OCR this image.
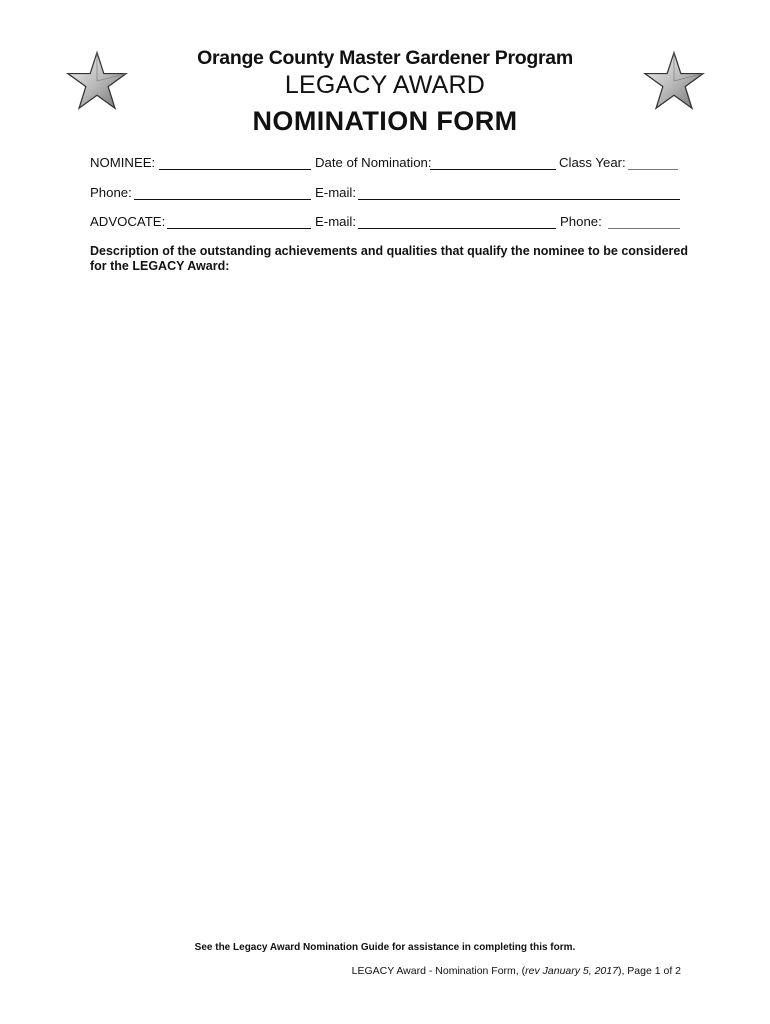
Orange County Master Gardener Program
LEGACY AWARD
NOMINATION FORM
NOMINEE:	Date of Nomination:	Class Year:
Phone:	E-mail:
ADVOCATE:	E-mail:	Phone:
Description of the outstanding achievements and qualities that qualify the nominee to be considered for the LEGACY Award:
See the Legacy Award Nomination Guide for assistance in completing this form.
LEGACY Award - Nomination Form, (rev January 5, 2017), Page 1 of 2
